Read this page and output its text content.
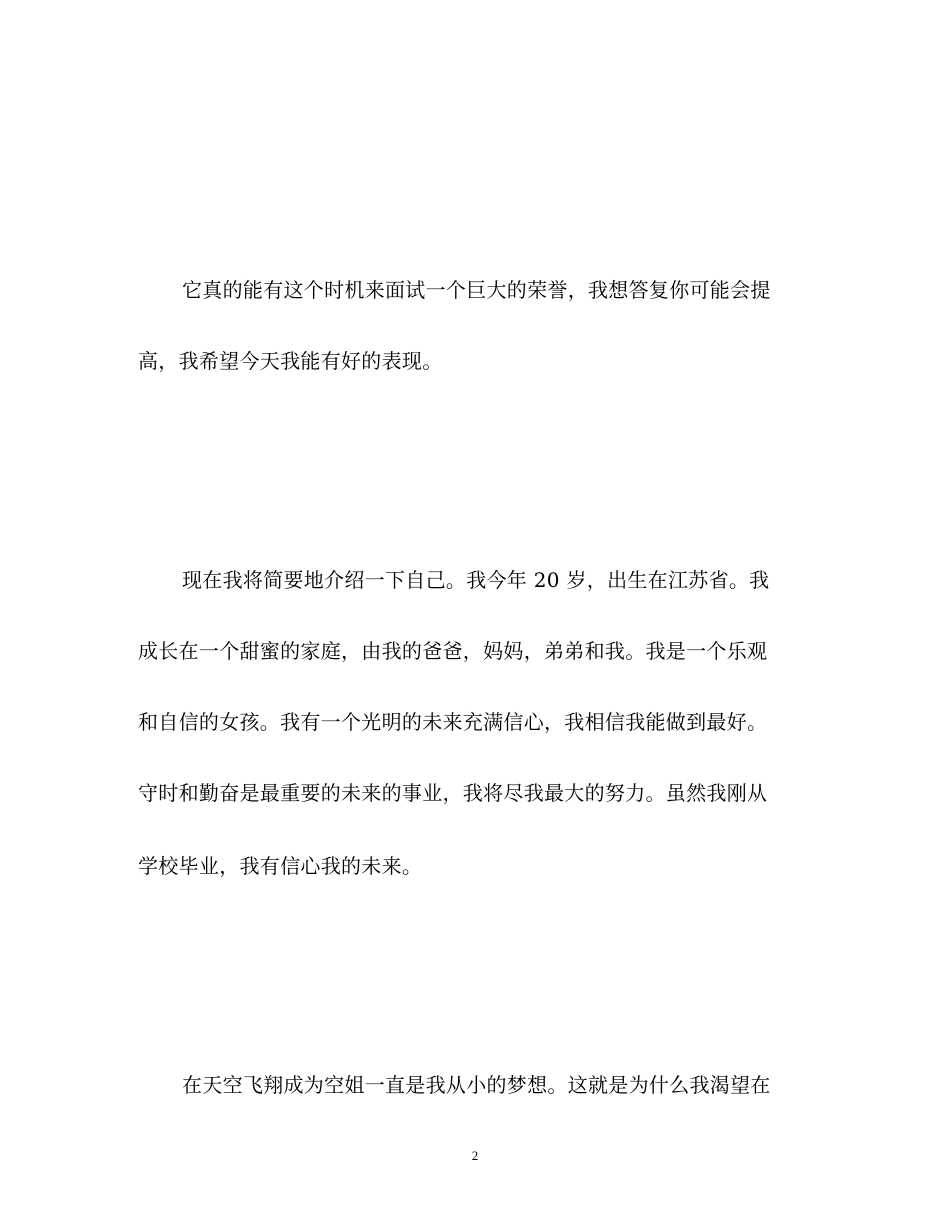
它真的能有这个时机来面试一个巨大的荣誉，我想答复你可能会提
高，我希望今天我能有好的表现。
现在我将简要地介绍一下自己。我今年 20 岁，出生在江苏省。我
成长在一个甜蜜的家庭，由我的爸爸，妈妈，弟弟和我。我是一个乐观
和自信的女孩。我有一个光明的未来充满信心，我相信我能做到最好。
守时和勤奋是最重要的未来的事业，我将尽我最大的努力。虽然我刚从
学校毕业，我有信心我的未来。
在天空飞翔成为空姐一直是我从小的梦想。这就是为什么我渴望在
2
